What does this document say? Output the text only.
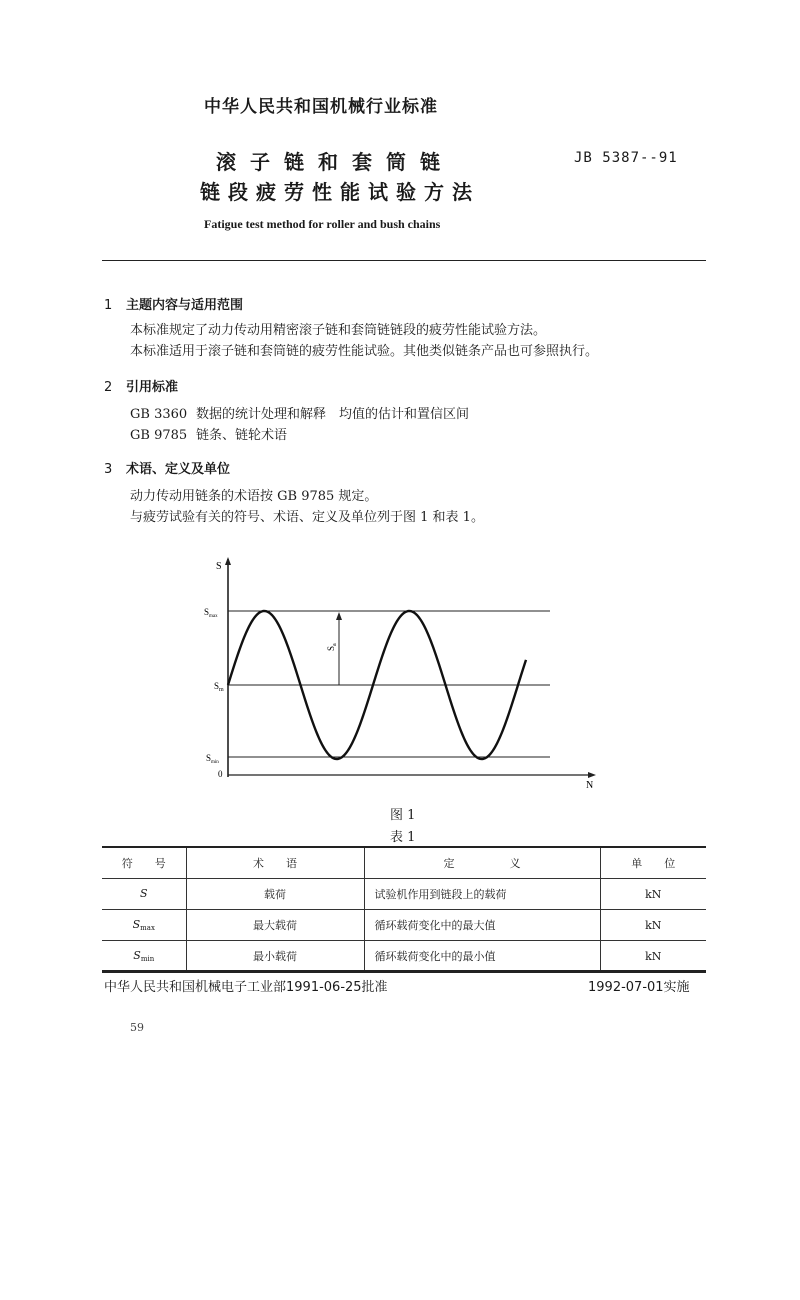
中华人民共和国机械行业标准
滚子链和套筒链
链段疲劳性能试验方法
JB 5387--91
Fatigue test method for roller and bush chains
1 主题内容与适用范围
本标准规定了动力传动用精密滚子链和套筒链链段的疲劳性能试验方法。
本标准适用于滚子链和套筒链的疲劳性能试验。其他类似链条产品也可参照执行。
2 引用标准
GB 3360 数据的统计处理和解释　均值的估计和置信区间
GB 9785 链条、链轮术语
3 术语、定义及单位
动力传动用链条的术语按 GB 9785 规定。
与疲劳试验有关的符号、术语、定义及单位列于图 1 和表 1。
S
$S_{max}$
$S_m$
$S_{min}$
0
N
$S_a$
图 1
表 1
符　　号	术　　语	定　　　　　义	单　　位
S	载荷	试验机作用到链段上的载荷	kN
Smax	最大载荷	循环载荷变化中的最大值	kN
Smin	最小载荷	循环载荷变化中的最小值	kN
中华人民共和国机械电子工业部1991-06-25批准	1992-07-01实施
59
